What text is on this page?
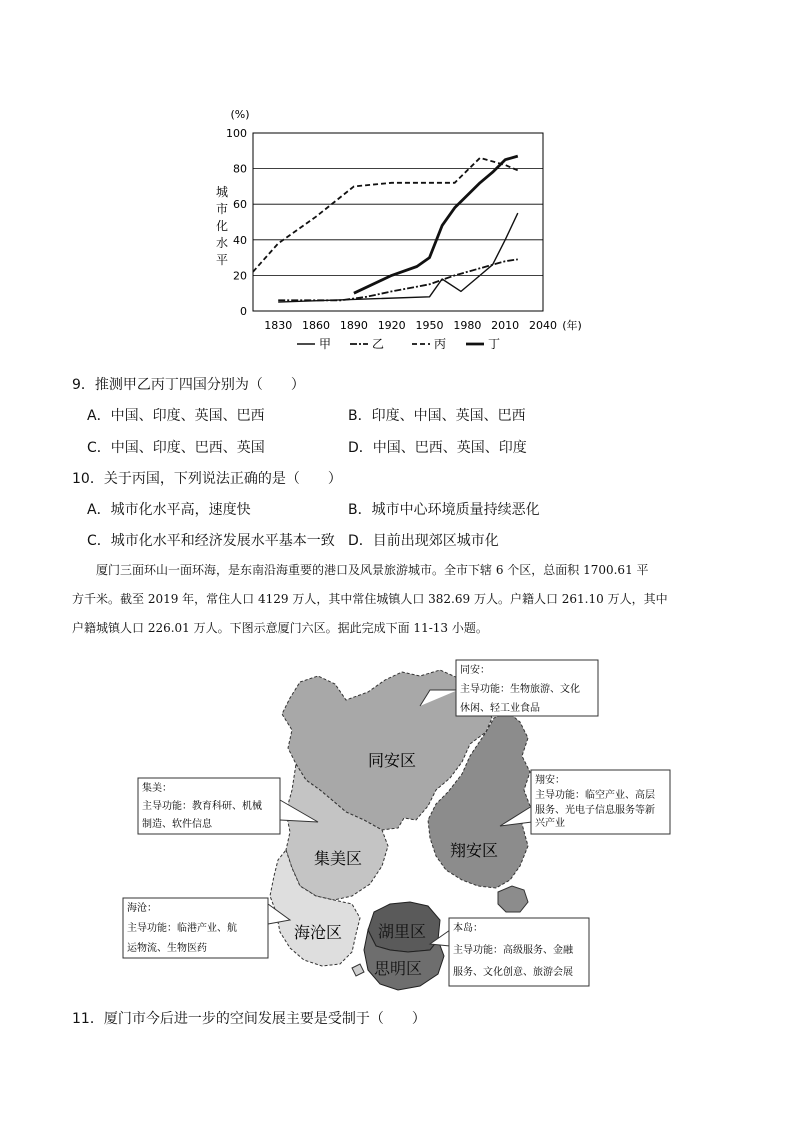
0
20
40
60
80
100
1830 1860 1890 1920 1950 1980 2010 2040
(%)
(年)
城
市
化
水
平
甲	乙	丙	丁
9．推测甲乙丙丁四国分别为（　　）
A．中国、印度、英国、巴西	B．印度、中国、英国、巴西
C．中国、印度、巴西、英国	D．中国、巴西、英国、印度
10．关于丙国，下列说法正确的是（　　）
A．城市化水平高，速度快	B．城市中心环境质量持续恶化
C．城市化水平和经济发展水平基本一致 D．目前出现郊区城市化
　　厦门三面环山一面环海，是东南沿海重要的港口及风景旅游城市。全市下辖 6 个区，总面积 1700.61 平
方千米。截至 2019 年，常住人口 4129 万人，其中常住城镇人口 382.69 万人。户籍人口 261.10 万人，其中
户籍城镇人口 226.01 万人。下图示意厦门六区。据此完成下面 11-13 小题。
同安区
集美区	翔安区
海沧区 湖里区
思明区
同安：
主导功能：生物旅游、文化
休闲、轻工业食品
集美：
主导功能：教育科研、机械
制造、软件信息
翔安：
主导功能：临空产业、高层
服务、光电子信息服务等新
兴产业
海沧：
主导功能：临港产业、航
运物流、生物医药
本岛：
主导功能：高级服务、金融
服务、文化创意、旅游会展
11．厦门市今后进一步的空间发展主要是受制于（　　）
